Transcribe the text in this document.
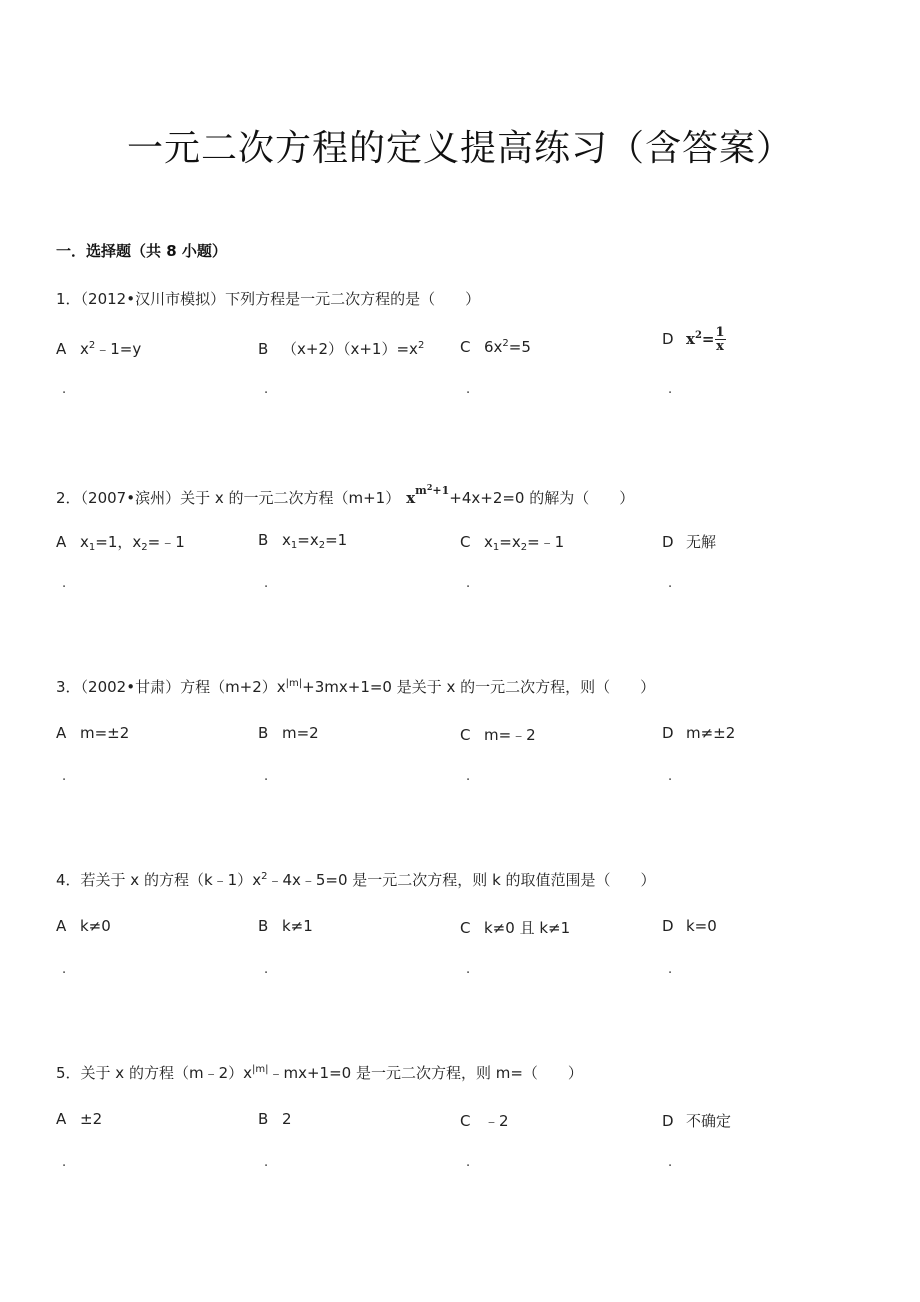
一元二次方程的定义提高练习（含答案）
一．选择题（共 8 小题）
1．（2012•汉川市模拟）下列方程是一元二次方程的是（　　）
A $x^2﹣1=y$	B $(x+2)(x+1)=x^2$ C $6x^2=5$	D $x^2= \frac{1}{x}$
.	.	.	.
2．（2007•滨州）关于 x 的一元二次方程（m+1） $x^{m^2+1}+4x+2=0$ 的解为（　　）
A $x_1=1$，$x_2=﹣1$	B $x_1=x_2=1$	C $x_1=x_2=﹣1$	D 无解
.	.	.	.
3．（2002•甘肃）方程$(m+2)x^{|m|}+3mx+1=0$ 是关于 x 的一元二次方程，则（　　）
A m=±2	B m=2	C m=﹣2	D m≠±2
.	.	.	.
4．若关于 x 的方程$(k﹣1)x^2﹣4x﹣5=0$ 是一元二次方程，则 k 的取值范围是（　　）
A k≠0	B k≠1	C k≠0 且 k≠1	D k=0
.	.	.	.
5．关于 x 的方程$(m﹣2)x^{|m|}﹣mx+1=0$ 是一元二次方程，则 m=（　　）
A ±2	B 2	C ﹣2	D 不确定
.	.	.	.
